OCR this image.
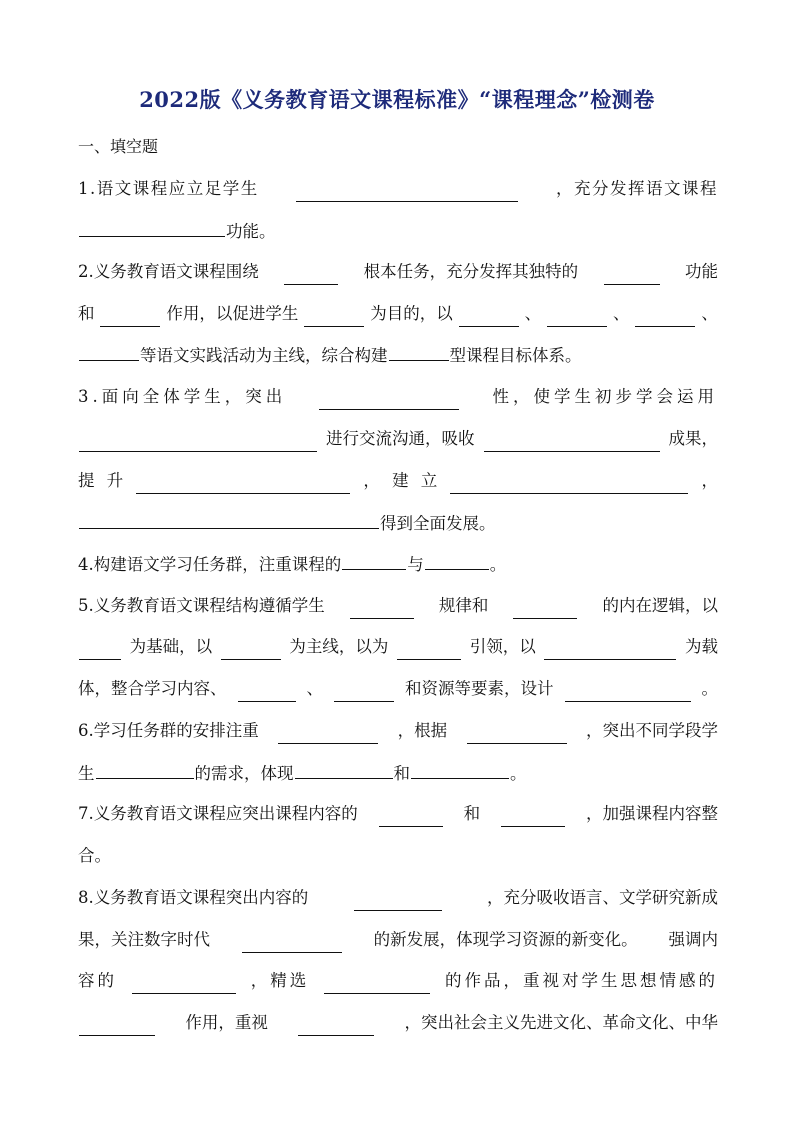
2022版《义务教育语文课程标准》“课程理念”检测卷
一、填空题
1.语文课程应立足学生	，充分发挥语文课程
功能。
2.义务教育语文课程围绕	根本任务，充分发挥其独特的	功能
和	作用，以促进学生	为目的，以	、	、	、
等语文实践活动为主线，综合构建	型课程目标体系。
3.面向全体学生，突出	性，使学生初步学会运用
进行交流沟通，吸收	成果，
提 升	， 建 立	，
得到全面发展。
4.构建语文学习任务群，注重课程的	与	。
5.义务教育语文课程结构遵循学生	规律和	的内在逻辑，以
为基础，以	为主线，以为	引领，以	为载
体，整合学习内容、	、	和资源等要素，设计	。
6.学习任务群的安排注重	，根据	，突出不同学段学
生	的需求，体现	和	。
7.义务教育语文课程应突出课程内容的	和	，加强课程内容整
合。
8.义务教育语文课程突出内容的	，充分吸收语言、文学研究新成
果，关注数字时代	的新发展，体现学习资源的新变化。 强调内
容的	，精选	的作品，重视对学生思想情感的
作用，重视	，突出社会主义先进文化、革命文化、中华
